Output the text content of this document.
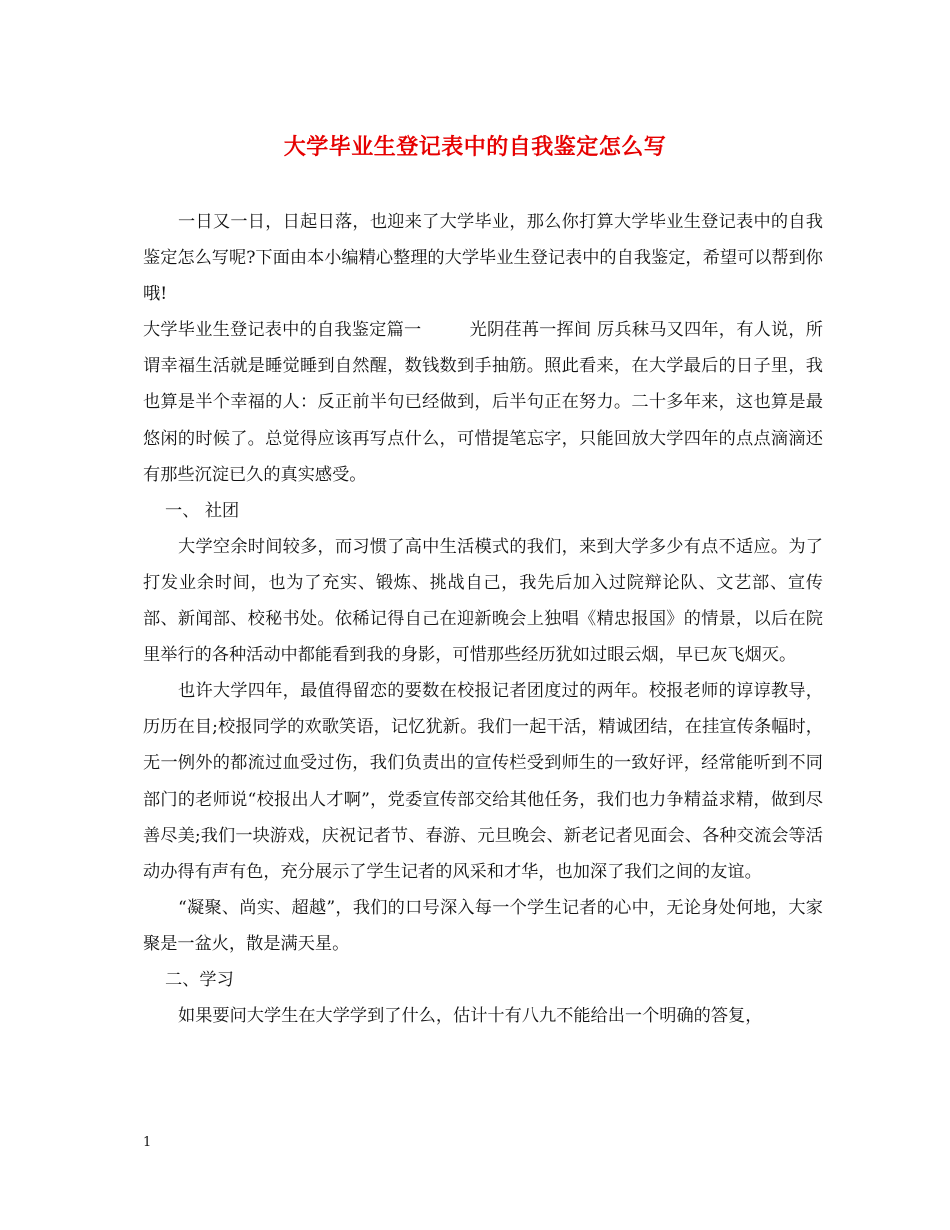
大学毕业生登记表中的自我鉴定怎么写

一日又一日，日起日落，也迎来了大学毕业，那么你打算大学毕业生登记表中的自我鉴定怎么写呢?下面由本小编精心整理的大学毕业生登记表中的自我鉴定，希望可以帮到你哦!

大学毕业生登记表中的自我鉴定篇一	光阴荏苒一挥间 厉兵秣马又四年，有人说，所谓幸福生活就是睡觉睡到自然醒，数钱数到手抽筋。照此看来，在大学最后的日子里，我也算是半个幸福的人：反正前半句已经做到，后半句正在努力。二十多年来，这也算是最悠闲的时候了。总觉得应该再写点什么，可惜提笔忘字，只能回放大学四年的点点滴滴还有那些沉淀已久的真实感受。

一、 社团

大学空余时间较多，而习惯了高中生活模式的我们，来到大学多少有点不适应。为了打发业余时间，也为了充实、锻炼、挑战自己，我先后加入过院辩论队、文艺部、宣传部、新闻部、校秘书处。依稀记得自己在迎新晚会上独唱《精忠报国》的情景，以后在院里举行的各种活动中都能看到我的身影，可惜那些经历犹如过眼云烟，早已灰飞烟灭。

也许大学四年，最值得留恋的要数在校报记者团度过的两年。校报老师的谆谆教导，历历在目;校报同学的欢歌笑语，记忆犹新。我们一起干活，精诚团结，在挂宣传条幅时，无一例外的都流过血受过伤，我们负责出的宣传栏受到师生的一致好评，经常能听到不同部门的老师说“校报出人才啊”，党委宣传部交给其他任务，我们也力争精益求精，做到尽善尽美;我们一块游戏，庆祝记者节、春游、元旦晚会、新老记者见面会、各种交流会等活动办得有声有色，充分展示了学生记者的风采和才华，也加深了我们之间的友谊。

“凝聚、尚实、超越”，我们的口号深入每一个学生记者的心中，无论身处何地，大家聚是一盆火，散是满天星。

二、学习

如果要问大学生在大学学到了什么，估计十有八九不能给出一个明确的答复，

1
